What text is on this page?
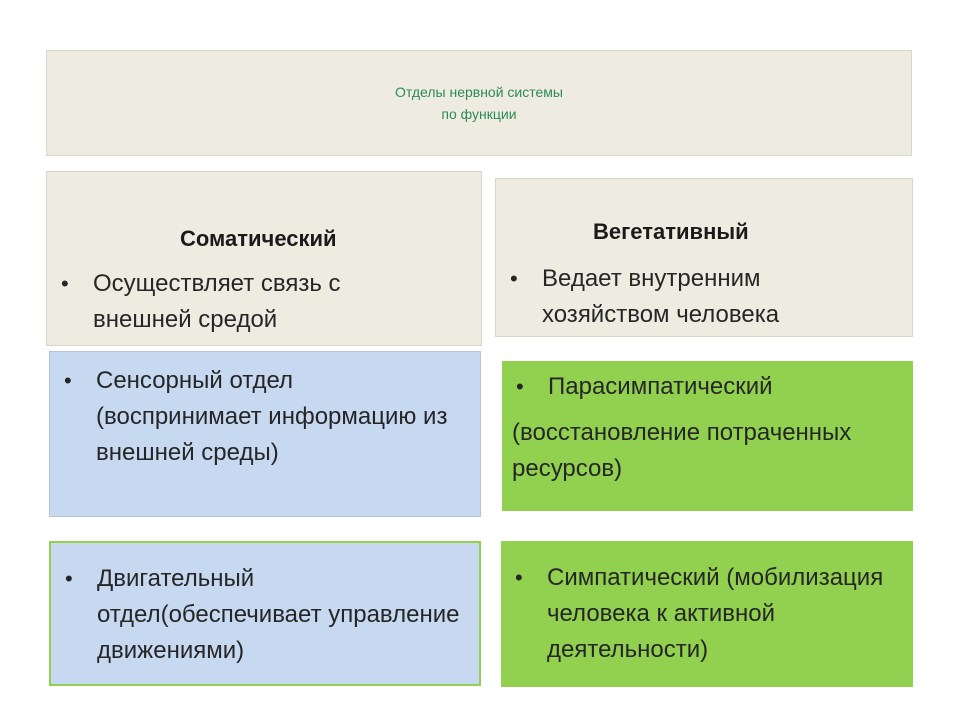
Отделы нервной системы
по функции
Соматический
•	Осуществляет связь с внешней средой
Вегетативный
•	Ведает внутренним хозяйством человека
•	Сенсорный отдел (воспринимает информацию из внешней среды)
•	Парасимпатический
(восстановление потраченных ресурсов)
•	Двигательный отдел(обеспечивает управление движениями)
•	Симпатический (мобилизация человека к активной деятельности)
